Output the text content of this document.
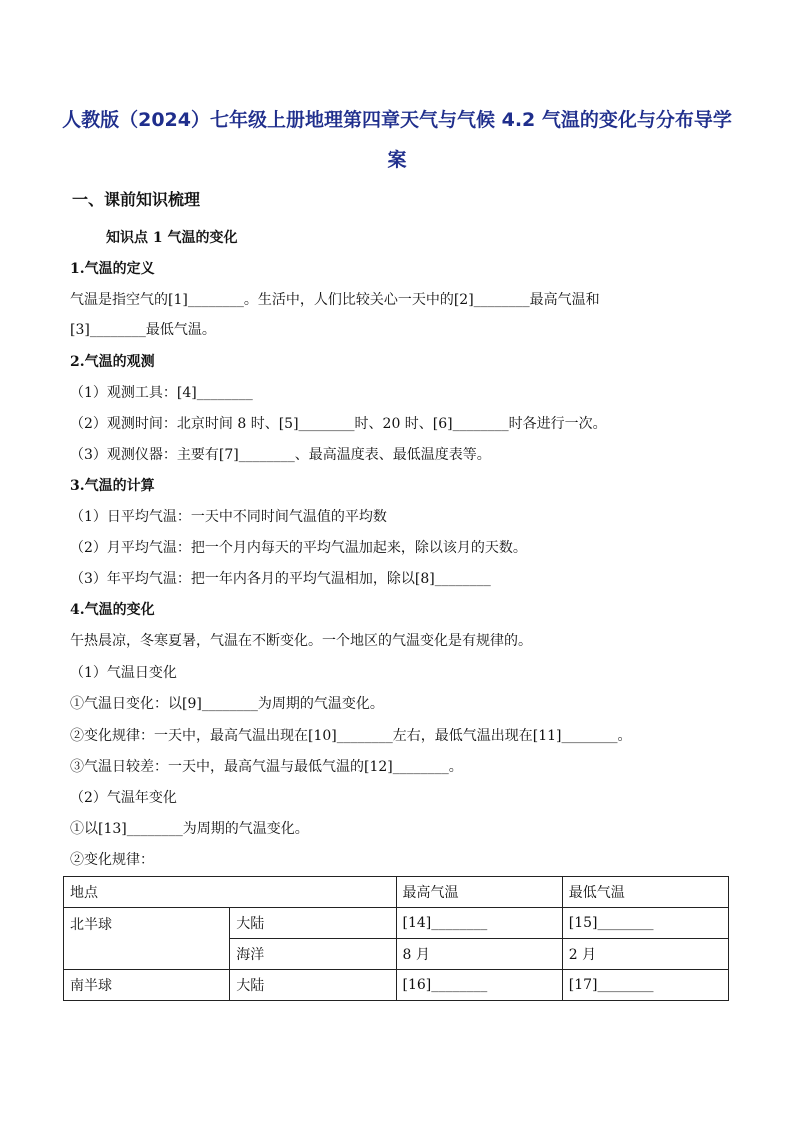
人教版（2024）七年级上册地理第四章天气与气候 4.2 气温的变化与分布导学
案

一、课前知识梳理

知识点 1 气温的变化

1.气温的定义

气温是指空气的[1]________。生活中，人们比较关心一天中的[2]________最高气温和

[3]________最低气温。

2.气温的观测

（1）观测工具：[4]________

（2）观测时间：北京时间 8 时、[5]________时、20 时、[6]________时各进行一次。

（3）观测仪器：主要有[7]________、最高温度表、最低温度表等。

3.气温的计算

（1）日平均气温：一天中不同时间气温值的平均数

（2）月平均气温：把一个月内每天的平均气温加起来，除以该月的天数。

（3）年平均气温：把一年内各月的平均气温相加，除以[8]________

4.气温的变化

午热晨凉，冬寒夏暑，气温在不断变化。一个地区的气温变化是有规律的。

（1）气温日变化

①气温日变化：以[9]________为周期的气温变化。

②变化规律：一天中，最高气温出现在[10]________左右，最低气温出现在[11]________。

③气温日较差：一天中，最高气温与最低气温的[12]________。

（2）气温年变化

①以[13]________为周期的气温变化。

②变化规律：

地点		最高气温	最低气温
北半球	大陆	[14]________	[15]________
	海洋	8 月	2 月
南半球	大陆	[16]________	[17]________
